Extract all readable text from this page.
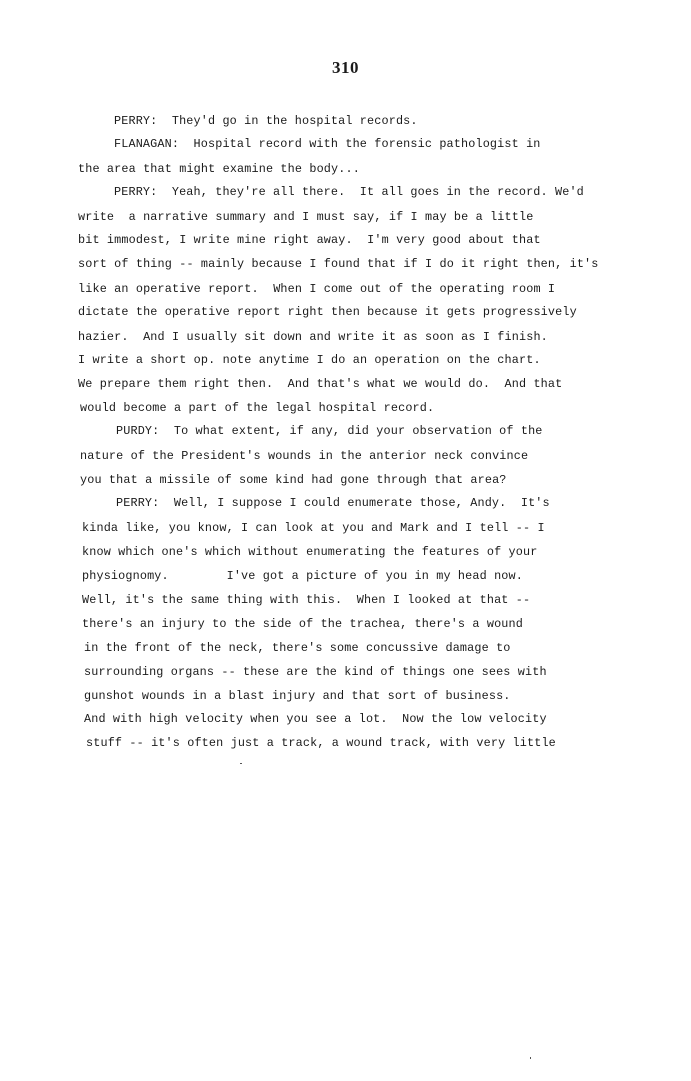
310
PERRY:  They'd go in the hospital records.
FLANAGAN:  Hospital record with the forensic pathologist in
the area that might examine the body...
PERRY:  Yeah, they're all there.  It all goes in the record. We'd
write  a narrative summary and I must say, if I may be a little
bit immodest, I write mine right away.  I'm very good about that
sort of thing -- mainly because I found that if I do it right then, it's
like an operative report.  When I come out of the operating room I
dictate the operative report right then because it gets progressively
hazier.  And I usually sit down and write it as soon as I finish.
I write a short op. note anytime I do an operation on the chart.
We prepare them right then.  And that's what we would do.  And that
would become a part of the legal hospital record.
PURDY:  To what extent, if any, did your observation of the
nature of the President's wounds in the anterior neck convince
you that a missile of some kind had gone through that area?
PERRY:  Well, I suppose I could enumerate those, Andy.  It's
kinda like, you know, I can look at you and Mark and I tell -- I
know which one's which without enumerating the features of your
physiognomy.        I've got a picture of you in my head now.
Well, it's the same thing with this.  When I looked at that --
there's an injury to the side of the trachea, there's a wound
in the front of the neck, there's some concussive damage to
surrounding organs -- these are the kind of things one sees with
gunshot wounds in a blast injury and that sort of business.
And with high velocity when you see a lot.  Now the low velocity
stuff -- it's often just a track, a wound track, with very little
